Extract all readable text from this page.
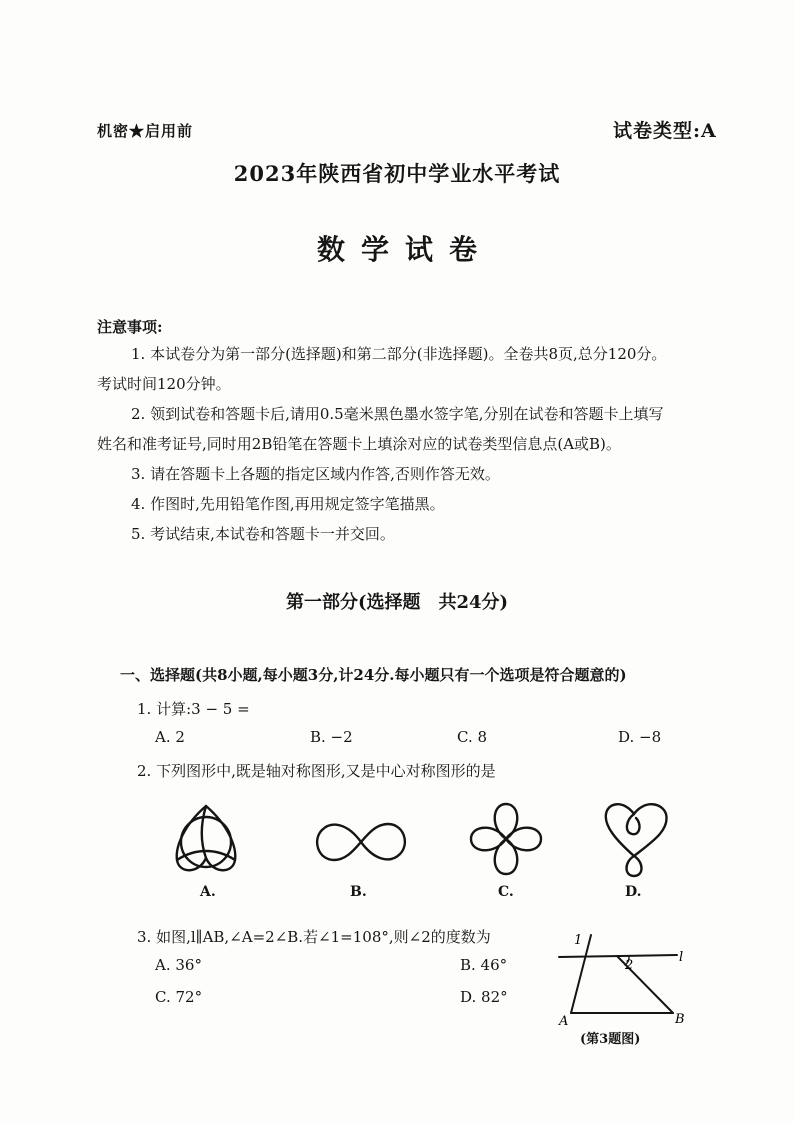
机密★启用前	试卷类型:A
2023年陕西省初中学业水平考试
数学试卷
注意事项:
1. 本试卷分为第一部分(选择题)和第二部分(非选择题)。全卷共8页,总分120分。
考试时间120分钟。
2. 领到试卷和答题卡后,请用0.5毫米黑色墨水签字笔,分别在试卷和答题卡上填写
姓名和准考证号,同时用2B铅笔在答题卡上填涂对应的试卷类型信息点(A或B)。
3. 请在答题卡上各题的指定区域内作答,否则作答无效。
4. 作图时,先用铅笔作图,再用规定签字笔描黑。
5. 考试结束,本试卷和答题卡一并交回。
第一部分(选择题　共24分)
一、选择题(共8小题,每小题3分,计24分.每小题只有一个选项是符合题意的)
1. 计算:3 − 5 =
A. 2	B. −2	C. 8	D. −8
2. 下列图形中,既是轴对称图形,又是中心对称图形的是
A.	B.	C.	D.
3. 如图,l∥AB,∠A=2∠B.若∠1=108°,则∠2的度数为
A. 36°	B. 46°
C. 72°	D. 82°
1
2
l
A	B
(第3题图)
